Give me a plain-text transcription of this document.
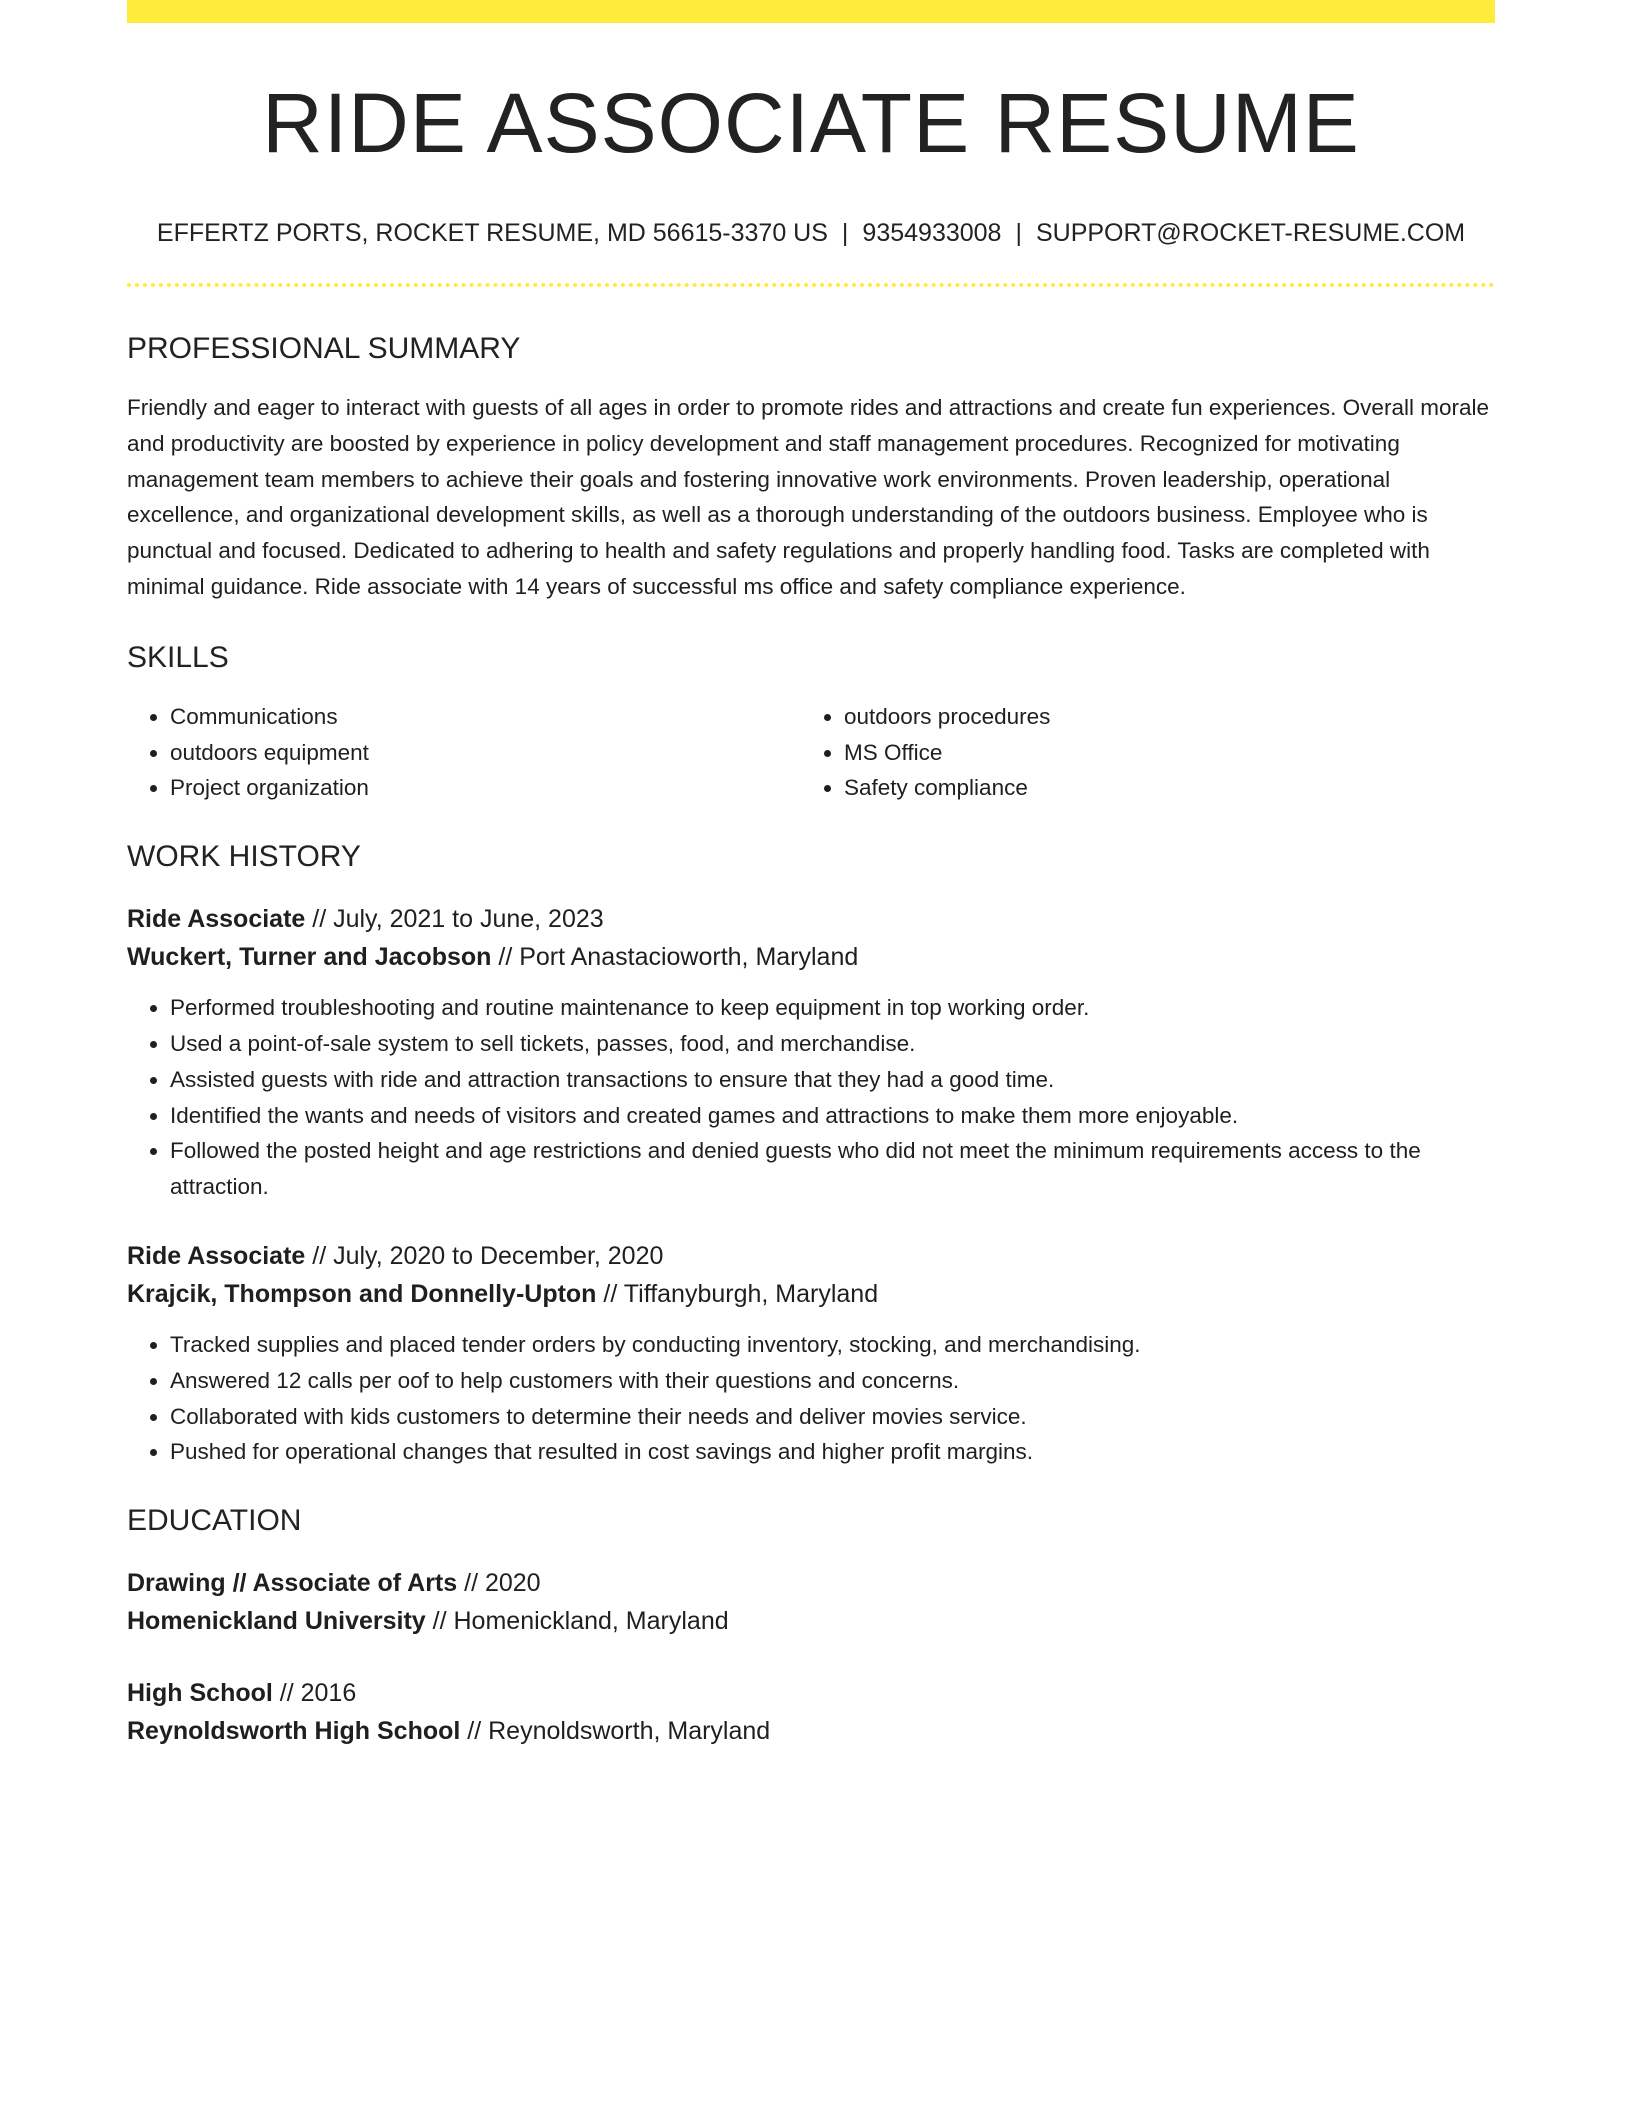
RIDE ASSOCIATE RESUME
EFFERTZ PORTS, ROCKET RESUME, MD 56615-3370 US | 9354933008 | SUPPORT@ROCKET-RESUME.COM
PROFESSIONAL SUMMARY
Friendly and eager to interact with guests of all ages in order to promote rides and attractions and create fun experiences. Overall morale and productivity are boosted by experience in policy development and staff management procedures. Recognized for motivating management team members to achieve their goals and fostering innovative work environments. Proven leadership, operational excellence, and organizational development skills, as well as a thorough understanding of the outdoors business. Employee who is punctual and focused. Dedicated to adhering to health and safety regulations and properly handling food. Tasks are completed with minimal guidance. Ride associate with 14 years of successful ms office and safety compliance experience.
SKILLS
• Communications
• outdoors equipment
• Project organization
• outdoors procedures
• MS Office
• Safety compliance
WORK HISTORY
Ride Associate // July, 2021 to June, 2023
Wuckert, Turner and Jacobson // Port Anastacioworth, Maryland
• Performed troubleshooting and routine maintenance to keep equipment in top working order.
• Used a point-of-sale system to sell tickets, passes, food, and merchandise.
• Assisted guests with ride and attraction transactions to ensure that they had a good time.
• Identified the wants and needs of visitors and created games and attractions to make them more enjoyable.
• Followed the posted height and age restrictions and denied guests who did not meet the minimum requirements access to the attraction.
Ride Associate // July, 2020 to December, 2020
Krajcik, Thompson and Donnelly-Upton // Tiffanyburgh, Maryland
• Tracked supplies and placed tender orders by conducting inventory, stocking, and merchandising.
• Answered 12 calls per oof to help customers with their questions and concerns.
• Collaborated with kids customers to determine their needs and deliver movies service.
• Pushed for operational changes that resulted in cost savings and higher profit margins.
EDUCATION
Drawing // Associate of Arts // 2020
Homenickland University // Homenickland, Maryland
High School // 2016
Reynoldsworth High School // Reynoldsworth, Maryland
